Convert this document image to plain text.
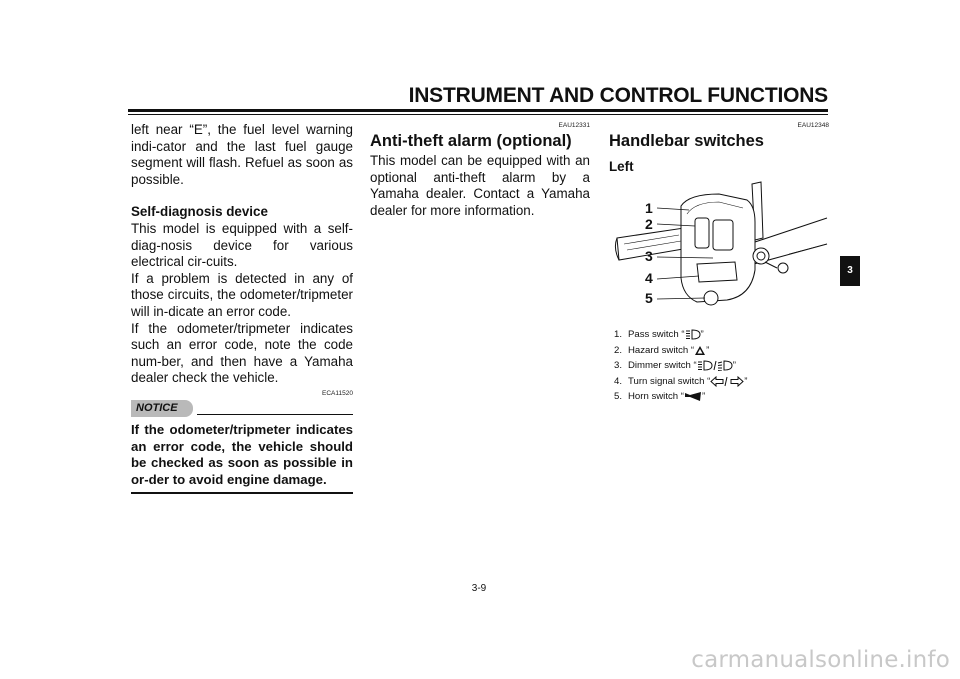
INSTRUMENT AND CONTROL FUNCTIONS

left near “E”, the fuel level warning indi-cator and the last fuel gauge segment will flash. Refuel as soon as possible.

Self-diagnosis device

This model is equipped with a self-diag-nosis device for various electrical cir-cuits.

If a problem is detected in any of those circuits, the odometer/tripmeter will in-dicate an error code.

If the odometer/tripmeter indicates such an error code, note the code num-ber, and then have a Yamaha dealer check the vehicle.

ECA11520

NOTICE

If the odometer/tripmeter indicates an error code, the vehicle should be checked as soon as possible in or-der to avoid engine damage.

EAU12331

Anti-theft alarm (optional)

This model can be equipped with an optional anti-theft alarm by a Yamaha dealer. Contact a Yamaha dealer for more information.

EAU12348

Handlebar switches

Left

1
2
3
4
5
1. Pass switch “ ”
2. Hazard switch “ ”
3. Dimmer switch “	”
4. Turn signal switch “	”
5. Horn switch “ ”
3
3-9
carmanualsonline.info
